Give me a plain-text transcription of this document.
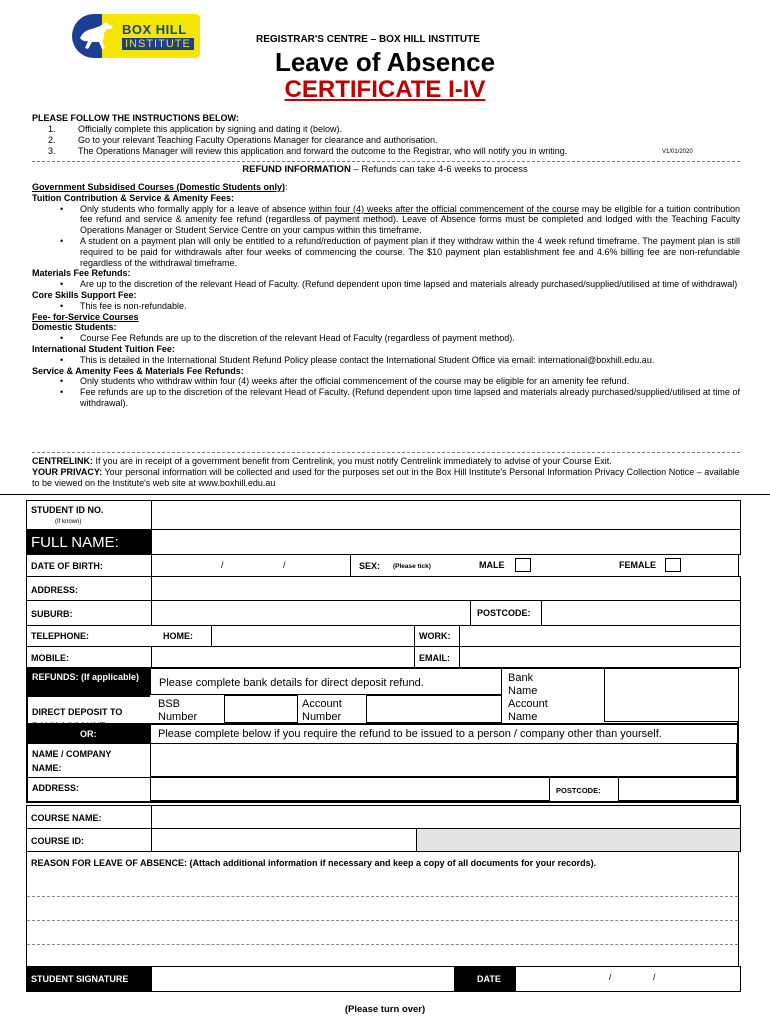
BOX HILL
INSTITUTE	REGISTRAR'S CENTRE – BOX HILL INSTITUTE
Leave of Absence
CERTIFICATE I-IV
PLEASE FOLLOW THE INSTRUCTIONS BELOW:
1. Officially complete this application by signing and dating it (below).
2. Go to your relevant Teaching Faculty Operations Manager for clearance and authorisation.
3. The Operations Manager will review this application and forward the outcome to the Registrar, who will notify you in writing.	V1/01/2020
REFUND INFORMATION – Refunds can take 4-6 weeks to process
Government Subsidised Courses (Domestic Students only):
Tuition Contribution & Service & Amenity Fees:
• Only students who formally apply for a leave of absence within four (4) weeks after the official commencement of the course may be eligible for a tuition contribution fee refund and service & amenity fee refund (regardless of payment method). Leave of Absence forms must be completed and lodged with the Teaching Faculty Operations Manager or Student Service Centre on your campus within this timeframe.
• A student on a payment plan will only be entitled to a refund/reduction of payment plan if they withdraw within the 4 week refund timeframe. The payment plan is still required to be paid for withdrawals after four weeks of commencing the course. The $10 payment plan establishment fee and 4.6% billing fee are non-refundable regardless of the withdrawal timeframe.
Materials Fee Refunds:
• Are up to the discretion of the relevant Head of Faculty. (Refund dependent upon time lapsed and materials already purchased/supplied/utilised at time of withdrawal)
Core Skills Support Fee:
• This fee is non-refundable.
Fee- for-Service Courses
Domestic Students:
• Course Fee Refunds are up to the discretion of the relevant Head of Faculty (regardless of payment method).
International Student Tuition Fee:
• This is detailed in the International Student Refund Policy please contact the International Student Office via email: international@boxhill.edu.au.
Service & Amenity Fees & Materials Fee Refunds:
• Only students who withdraw within four (4) weeks after the official commencement of the course may be eligible for an amenity fee refund.
• Fee refunds are up to the discretion of the relevant Head of Faculty. (Refund dependent upon time lapsed and materials already purchased/supplied/utilised at time of withdrawal).
CENTRELINK: If you are in receipt of a government benefit from Centrelink, you must notify Centrelink immediately to advise of your Course Exit.
YOUR PRIVACY: Your personal information will be collected and used for the purposes set out in the Box Hill Institute's Personal Information Privacy Collection Notice – available to be viewed on the Institute's web site at www.boxhill.edu.au
STUDENT ID NO.
(If known)
FULL NAME:
DATE OF BIRTH:	/	/	SEX: (Please tick)	MALE	FEMALE
ADDRESS:
SUBURB:	POSTCODE:
TELEPHONE:	HOME:	WORK:
MOBILE:	EMAIL:
REFUNDS: (If applicable)
DIRECT DEPOSIT TO
Please complete bank details for direct deposit refund.	Bank Name
BSB Number
Account Number
Account Name
OR:	Please complete below if you require the refund to be issued to a person / company other than yourself.
NAME / COMPANY NAME:
ADDRESS:	POSTCODE:
COURSE NAME:
COURSE ID:
REASON FOR LEAVE OF ABSENCE: (Attach additional information if necessary and keep a copy of all documents for your records).
STUDENT SIGNATURE	DATE	/	/
(Please turn over)
